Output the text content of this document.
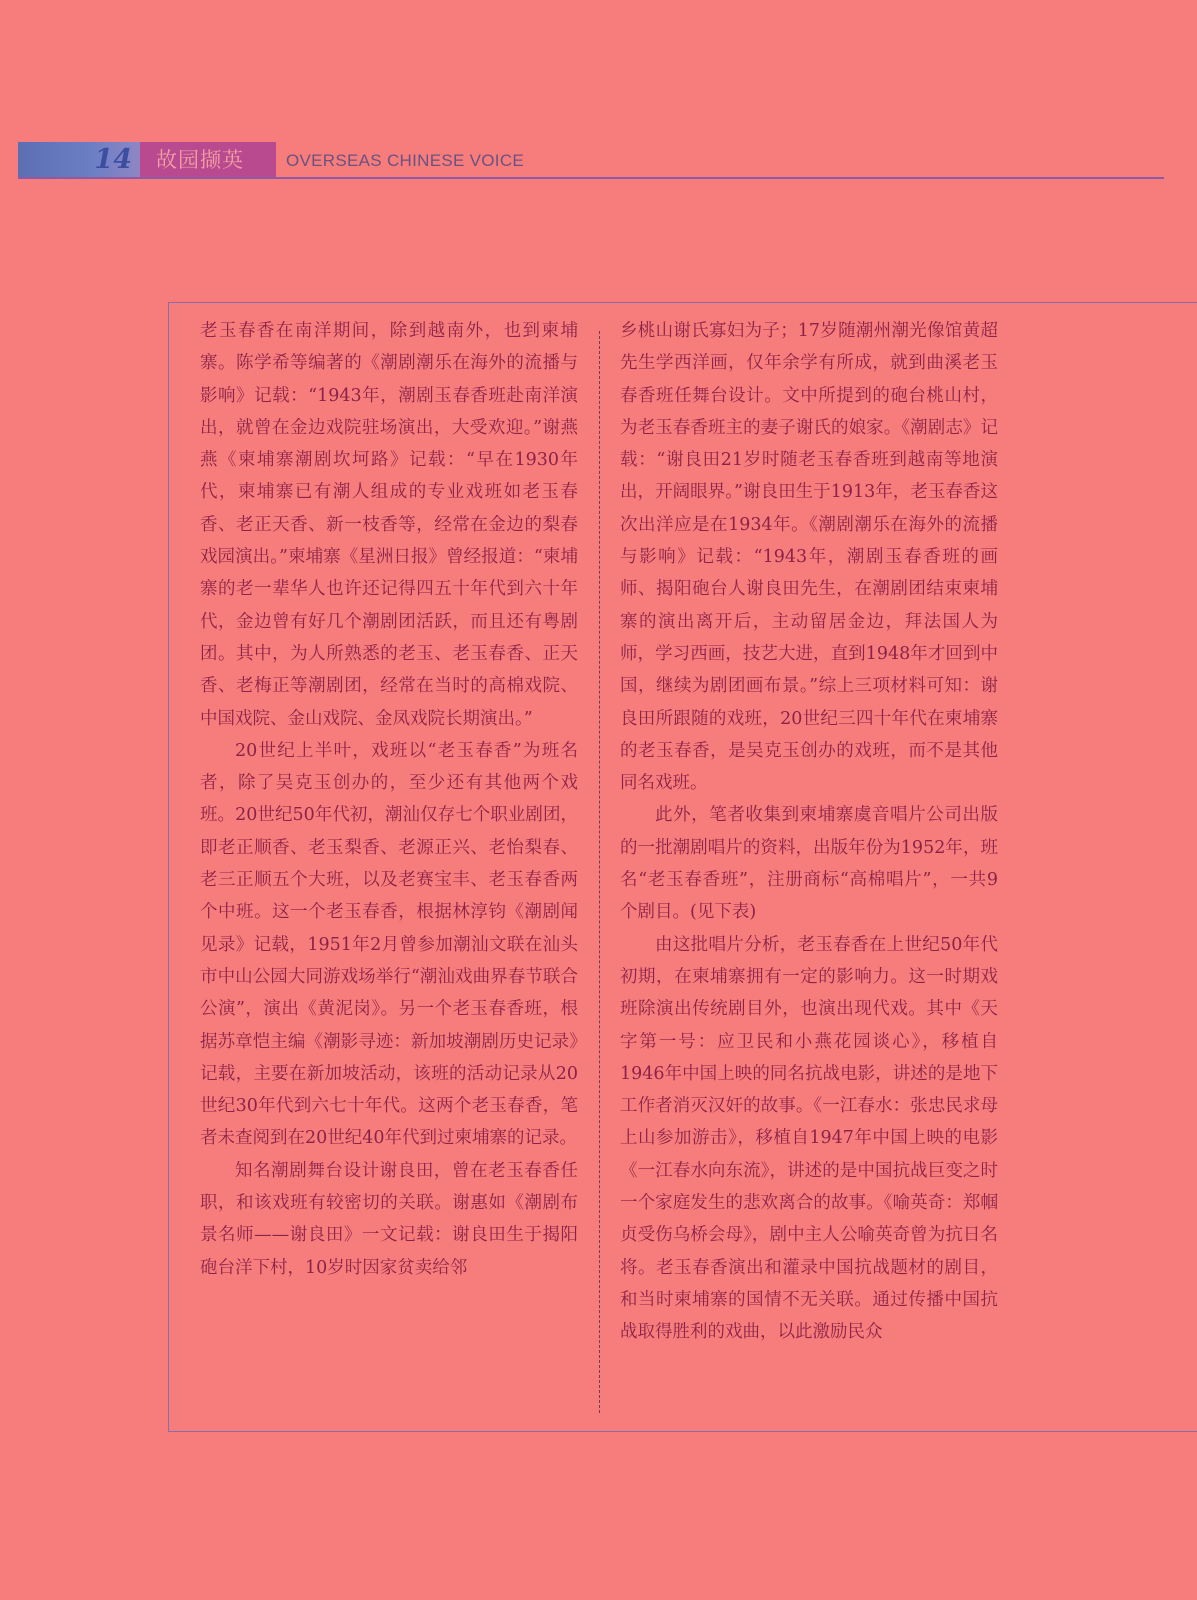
14	故园撷英	OVERSEAS CHINESE VOICE

老玉春香在南洋期间，除到越南外，也到柬埔寨。陈学希等编著的《潮剧潮乐在海外的流播与影响》记载：“1943年，潮剧玉春香班赴南洋演出，就曾在金边戏院驻场演出，大受欢迎。”谢燕燕《柬埔寨潮剧坎坷路》记载：“早在1930年代，柬埔寨已有潮人组成的专业戏班如老玉春香、老正天香、新一枝香等，经常在金边的梨春戏园演出。”柬埔寨《星洲日报》曾经报道：“柬埔寨的老一辈华人也许还记得四五十年代到六十年代，金边曾有好几个潮剧团活跃，而且还有粤剧团。其中，为人所熟悉的老玉、老玉春香、正天香、老梅正等潮剧团，经常在当时的高棉戏院、中国戏院、金山戏院、金凤戏院长期演出。”

20世纪上半叶，戏班以“老玉春香”为班名者，除了吴克玉创办的，至少还有其他两个戏班。20世纪50年代初，潮汕仅存七个职业剧团，即老正顺香、老玉梨香、老源正兴、老怡梨春、老三正顺五个大班，以及老赛宝丰、老玉春香两个中班。这一个老玉春香，根据林淳钧《潮剧闻见录》记载，1951年2月曾参加潮汕文联在汕头市中山公园大同游戏场举行“潮汕戏曲界春节联合公演”，演出《黄泥岗》。另一个老玉春香班，根据苏章恺主编《潮影寻迹：新加坡潮剧历史记录》记载，主要在新加坡活动，该班的活动记录从20世纪30年代到六七十年代。这两个老玉春香，笔者未查阅到在20世纪40年代到过柬埔寨的记录。

知名潮剧舞台设计谢良田，曾在老玉春香任职，和该戏班有较密切的关联。谢惠如《潮剧布景名师——谢良田》一文记载：谢良田生于揭阳砲台洋下村，10岁时因家贫卖给邻

乡桃山谢氏寡妇为子；17岁随潮州潮光像馆黄超先生学西洋画，仅年余学有所成，就到曲溪老玉春香班任舞台设计。文中所提到的砲台桃山村，为老玉春香班主的妻子谢氏的娘家。《潮剧志》记载：“谢良田21岁时随老玉春香班到越南等地演出，开阔眼界。”谢良田生于1913年，老玉春香这次出洋应是在1934年。《潮剧潮乐在海外的流播与影响》记载：“1943年，潮剧玉春香班的画师、揭阳砲台人谢良田先生，在潮剧团结束柬埔寨的演出离开后，主动留居金边，拜法国人为师，学习西画，技艺大进，直到1948年才回到中国，继续为剧团画布景。”综上三项材料可知：谢良田所跟随的戏班，20世纪三四十年代在柬埔寨的老玉春香，是吴克玉创办的戏班，而不是其他同名戏班。

此外，笔者收集到柬埔寨虞音唱片公司出版的一批潮剧唱片的资料，出版年份为1952年，班名“老玉春香班”，注册商标“高棉唱片”，一共9个剧目。(见下表)

由这批唱片分析，老玉春香在上世纪50年代初期，在柬埔寨拥有一定的影响力。这一时期戏班除演出传统剧目外，也演出现代戏。其中《天字第一号：应卫民和小燕花园谈心》，移植自1946年中国上映的同名抗战电影，讲述的是地下工作者消灭汉奸的故事。《一江春水：张忠民求母上山参加游击》，移植自1947年中国上映的电影《一江春水向东流》，讲述的是中国抗战巨变之时一个家庭发生的悲欢离合的故事。《喻英奇：郑帼贞受伤乌桥会母》，剧中主人公喻英奇曾为抗日名将。老玉春香演出和灌录中国抗战题材的剧目，和当时柬埔寨的国情不无关联。通过传播中国抗战取得胜利的戏曲，以此激励民众
